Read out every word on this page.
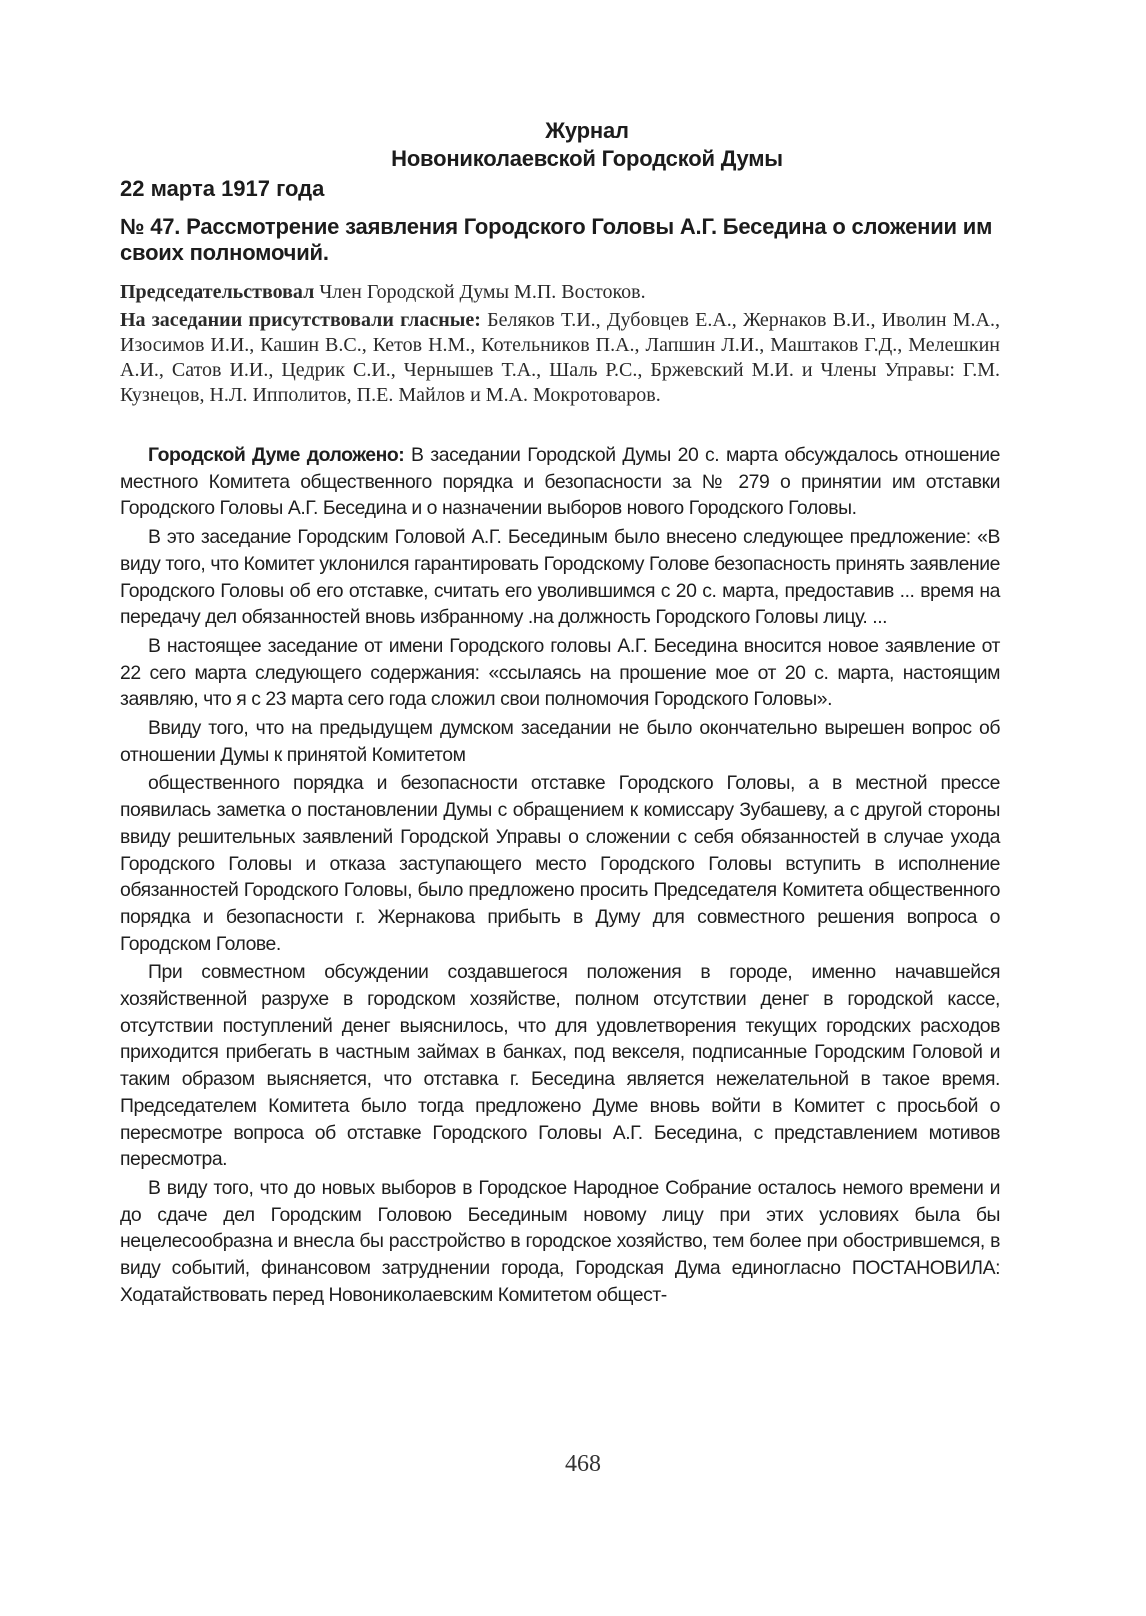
Журнал
Новониколаевской Городской Думы
22 марта 1917 года
№ 47. Рассмотрение заявления Городского Головы А.Г. Беседина о сложении им своих полномочий.
Председательствовал Член Городской Думы М.П. Востоков.
На заседании присутствовали гласные: Беляков Т.И., Дубовцев Е.А., Жернаков В.И., Иволин М.А., Изосимов И.И., Кашин В.С., Кетов Н.М., Котельников П.А., Лапшин Л.И., Маштаков Г.Д., Мелешкин А.И., Сатов И.И., Цедрик С.И., Чернышев Т.А., Шаль Р.С., Бржевский М.И. и Члены Управы: Г.М. Кузнецов, Н.Л. Ипполитов, П.Е. Майлов и М.А. Мокротоваров.

Городской Думе доложено: В заседании Городской Думы 20 с. марта обсуждалось отношение местного Комитета общественного порядка и безопасности за № 279 о принятии им отставки Городского Головы А.Г. Беседина и о назначении выборов нового Городского Головы.

В это заседание Городским Головой А.Г. Бесединым было внесено следующее предложение: «В виду того, что Комитет уклонился гарантировать Городскому Голове безопасность принять заявление Городского Головы об его отставке, считать его уволившимся с 20 с. марта, предоставив ... время на передачу дел обязанностей вновь избранному .на должность Городского Головы лицу. ...

В настоящее заседание от имени Городского головы А.Г. Беседина вносится новое заявление от 22 сего марта следующего содержания: «ссылаясь на прошение мое от 20 с. марта, настоящим заявляю, что я с 23 марта сего года сложил свои полномочия Городского Головы».

Ввиду того, что на предыдущем думском заседании не было окончательно вырешен вопрос об отношении Думы к принятой Комитетом

общественного порядка и безопасности отставке Городского Головы, а в местной прессе появилась заметка о постановлении Думы с обращением к комиссару Зубашеву, а с другой стороны ввиду решительных заявлений Городской Управы о сложении с себя обязанностей в случае ухода Городского Головы и отказа заступающего место Городского Головы вступить в исполнение обязанностей Городского Головы, было предложено просить Председателя Комитета общественного порядка и безопасности г. Жернакова прибыть в Думу для совместного решения вопроса о Городском Голове.

При совместном обсуждении создавшегося положения в городе, именно начавшейся хозяйственной разрухе в городском хозяйстве, полном отсутствии денег в городской кассе, отсутствии поступлений денег выяснилось, что для удовлетворения текущих городских расходов приходится прибегать в частным займах в банках, под векселя, подписанные Городским Головой и таким образом выясняется, что отставка г. Беседина является нежелательной в такое время. Председателем Комитета было тогда предложено Думе вновь войти в Комитет с просьбой о пересмотре вопроса об отставке Городского Головы А.Г. Беседина, с представлением мотивов пересмотра.

В виду того, что до новых выборов в Городское Народное Собрание осталось немого времени и до сдаче дел Городским Головою Бесединым новому лицу при этих условиях была бы нецелесообразна и внесла бы расстройство в городское хозяйство, тем более при обострившемся, в виду событий, финансовом затруднении города, Городская Дума единогласно ПОСТАНОВИЛА: Ходатайствовать перед Новониколаевским Комитетом общест-

468
